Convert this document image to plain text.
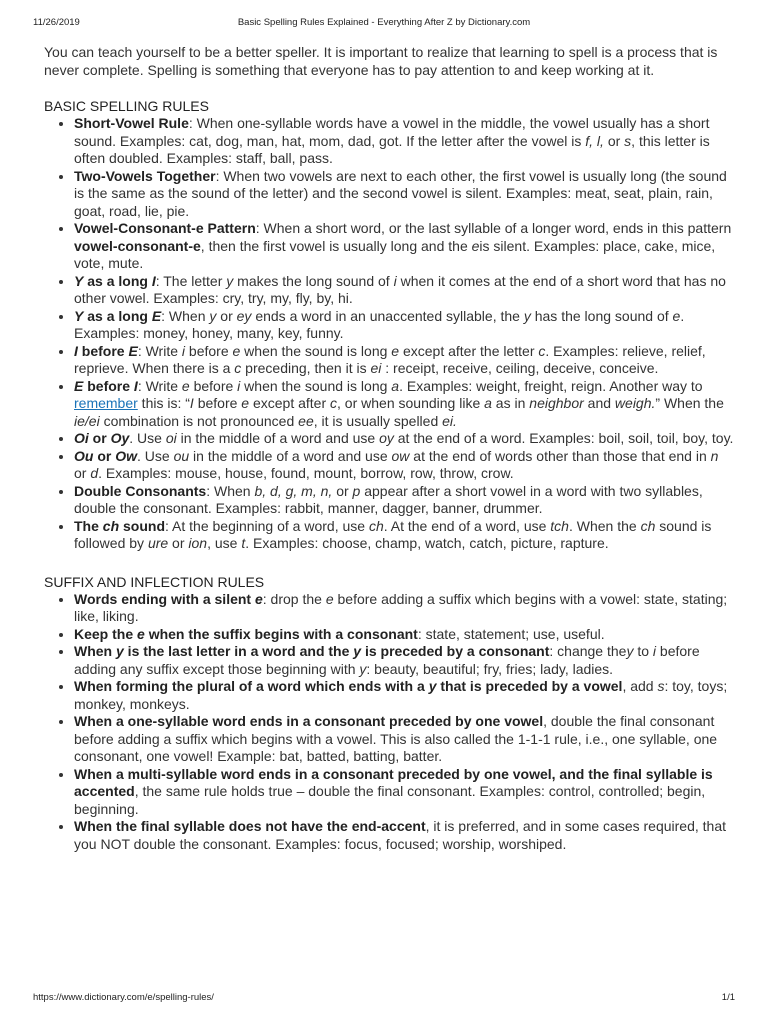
11/26/2019	Basic Spelling Rules Explained - Everything After Z by Dictionary.com

You can teach yourself to be a better speller. It is important to realize that learning to spell is a process that is never complete. Spelling is something that everyone has to pay attention to and keep working at it.

BASIC SPELLING RULES
• Short-Vowel Rule: When one-syllable words have a vowel in the middle, the vowel usually has a short sound. Examples: cat, dog, man, hat, mom, dad, got. If the letter after the vowel is f, l, or s, this letter is often doubled. Examples: staff, ball, pass.
• Two-Vowels Together: When two vowels are next to each other, the first vowel is usually long (the sound is the same as the sound of the letter) and the second vowel is silent. Examples: meat, seat, plain, rain, goat, road, lie, pie.
• Vowel-Consonant-e Pattern: When a short word, or the last syllable of a longer word, ends in this pattern vowel-consonant-e, then the first vowel is usually long and the eis silent. Examples: place, cake, mice, vote, mute.
• Y as a long I: The letter y makes the long sound of i when it comes at the end of a short word that has no other vowel. Examples: cry, try, my, fly, by, hi.
• Y as a long E: When y or ey ends a word in an unaccented syllable, the y has the long sound of e. Examples: money, honey, many, key, funny.
• I before E: Write i before e when the sound is long e except after the letter c. Examples: relieve, relief, reprieve. When there is a c preceding, then it is ei : receipt, receive, ceiling, deceive, conceive.
• E before I: Write e before i when the sound is long a. Examples: weight, freight, reign. Another way to remember this is: “I before e except after c, or when sounding like a as in neighbor and weigh.” When the ie/ei combination is not pronounced ee, it is usually spelled ei.
• Oi or Oy. Use oi in the middle of a word and use oy at the end of a word. Examples: boil, soil, toil, boy, toy.
• Ou or Ow. Use ou in the middle of a word and use ow at the end of words other than those that end in n or d. Examples: mouse, house, found, mount, borrow, row, throw, crow.
• Double Consonants: When b, d, g, m, n, or p appear after a short vowel in a word with two syllables, double the consonant. Examples: rabbit, manner, dagger, banner, drummer.
• The ch sound: At the beginning of a word, use ch. At the end of a word, use tch. When the ch sound is followed by ure or ion, use t. Examples: choose, champ, watch, catch, picture, rapture.
SUFFIX AND INFLECTION RULES
• Words ending with a silent e: drop the e before adding a suffix which begins with a vowel: state, stating; like, liking.
• Keep the e when the suffix begins with a consonant: state, statement; use, useful.
• When y is the last letter in a word and the y is preceded by a consonant: change they to i before adding any suffix except those beginning with y: beauty, beautiful; fry, fries; lady, ladies.
• When forming the plural of a word which ends with a y that is preceded by a vowel, add s: toy, toys; monkey, monkeys.
• When a one-syllable word ends in a consonant preceded by one vowel, double the final consonant before adding a suffix which begins with a vowel. This is also called the 1-1-1 rule, i.e., one syllable, one consonant, one vowel! Example: bat, batted, batting, batter.
• When a multi-syllable word ends in a consonant preceded by one vowel, and the final syllable is accented, the same rule holds true – double the final consonant. Examples: control, controlled; begin, beginning.
• When the final syllable does not have the end-accent, it is preferred, and in some cases required, that you NOT double the consonant. Examples: focus, focused; worship, worshiped.
https://www.dictionary.com/e/spelling-rules/	1/1
